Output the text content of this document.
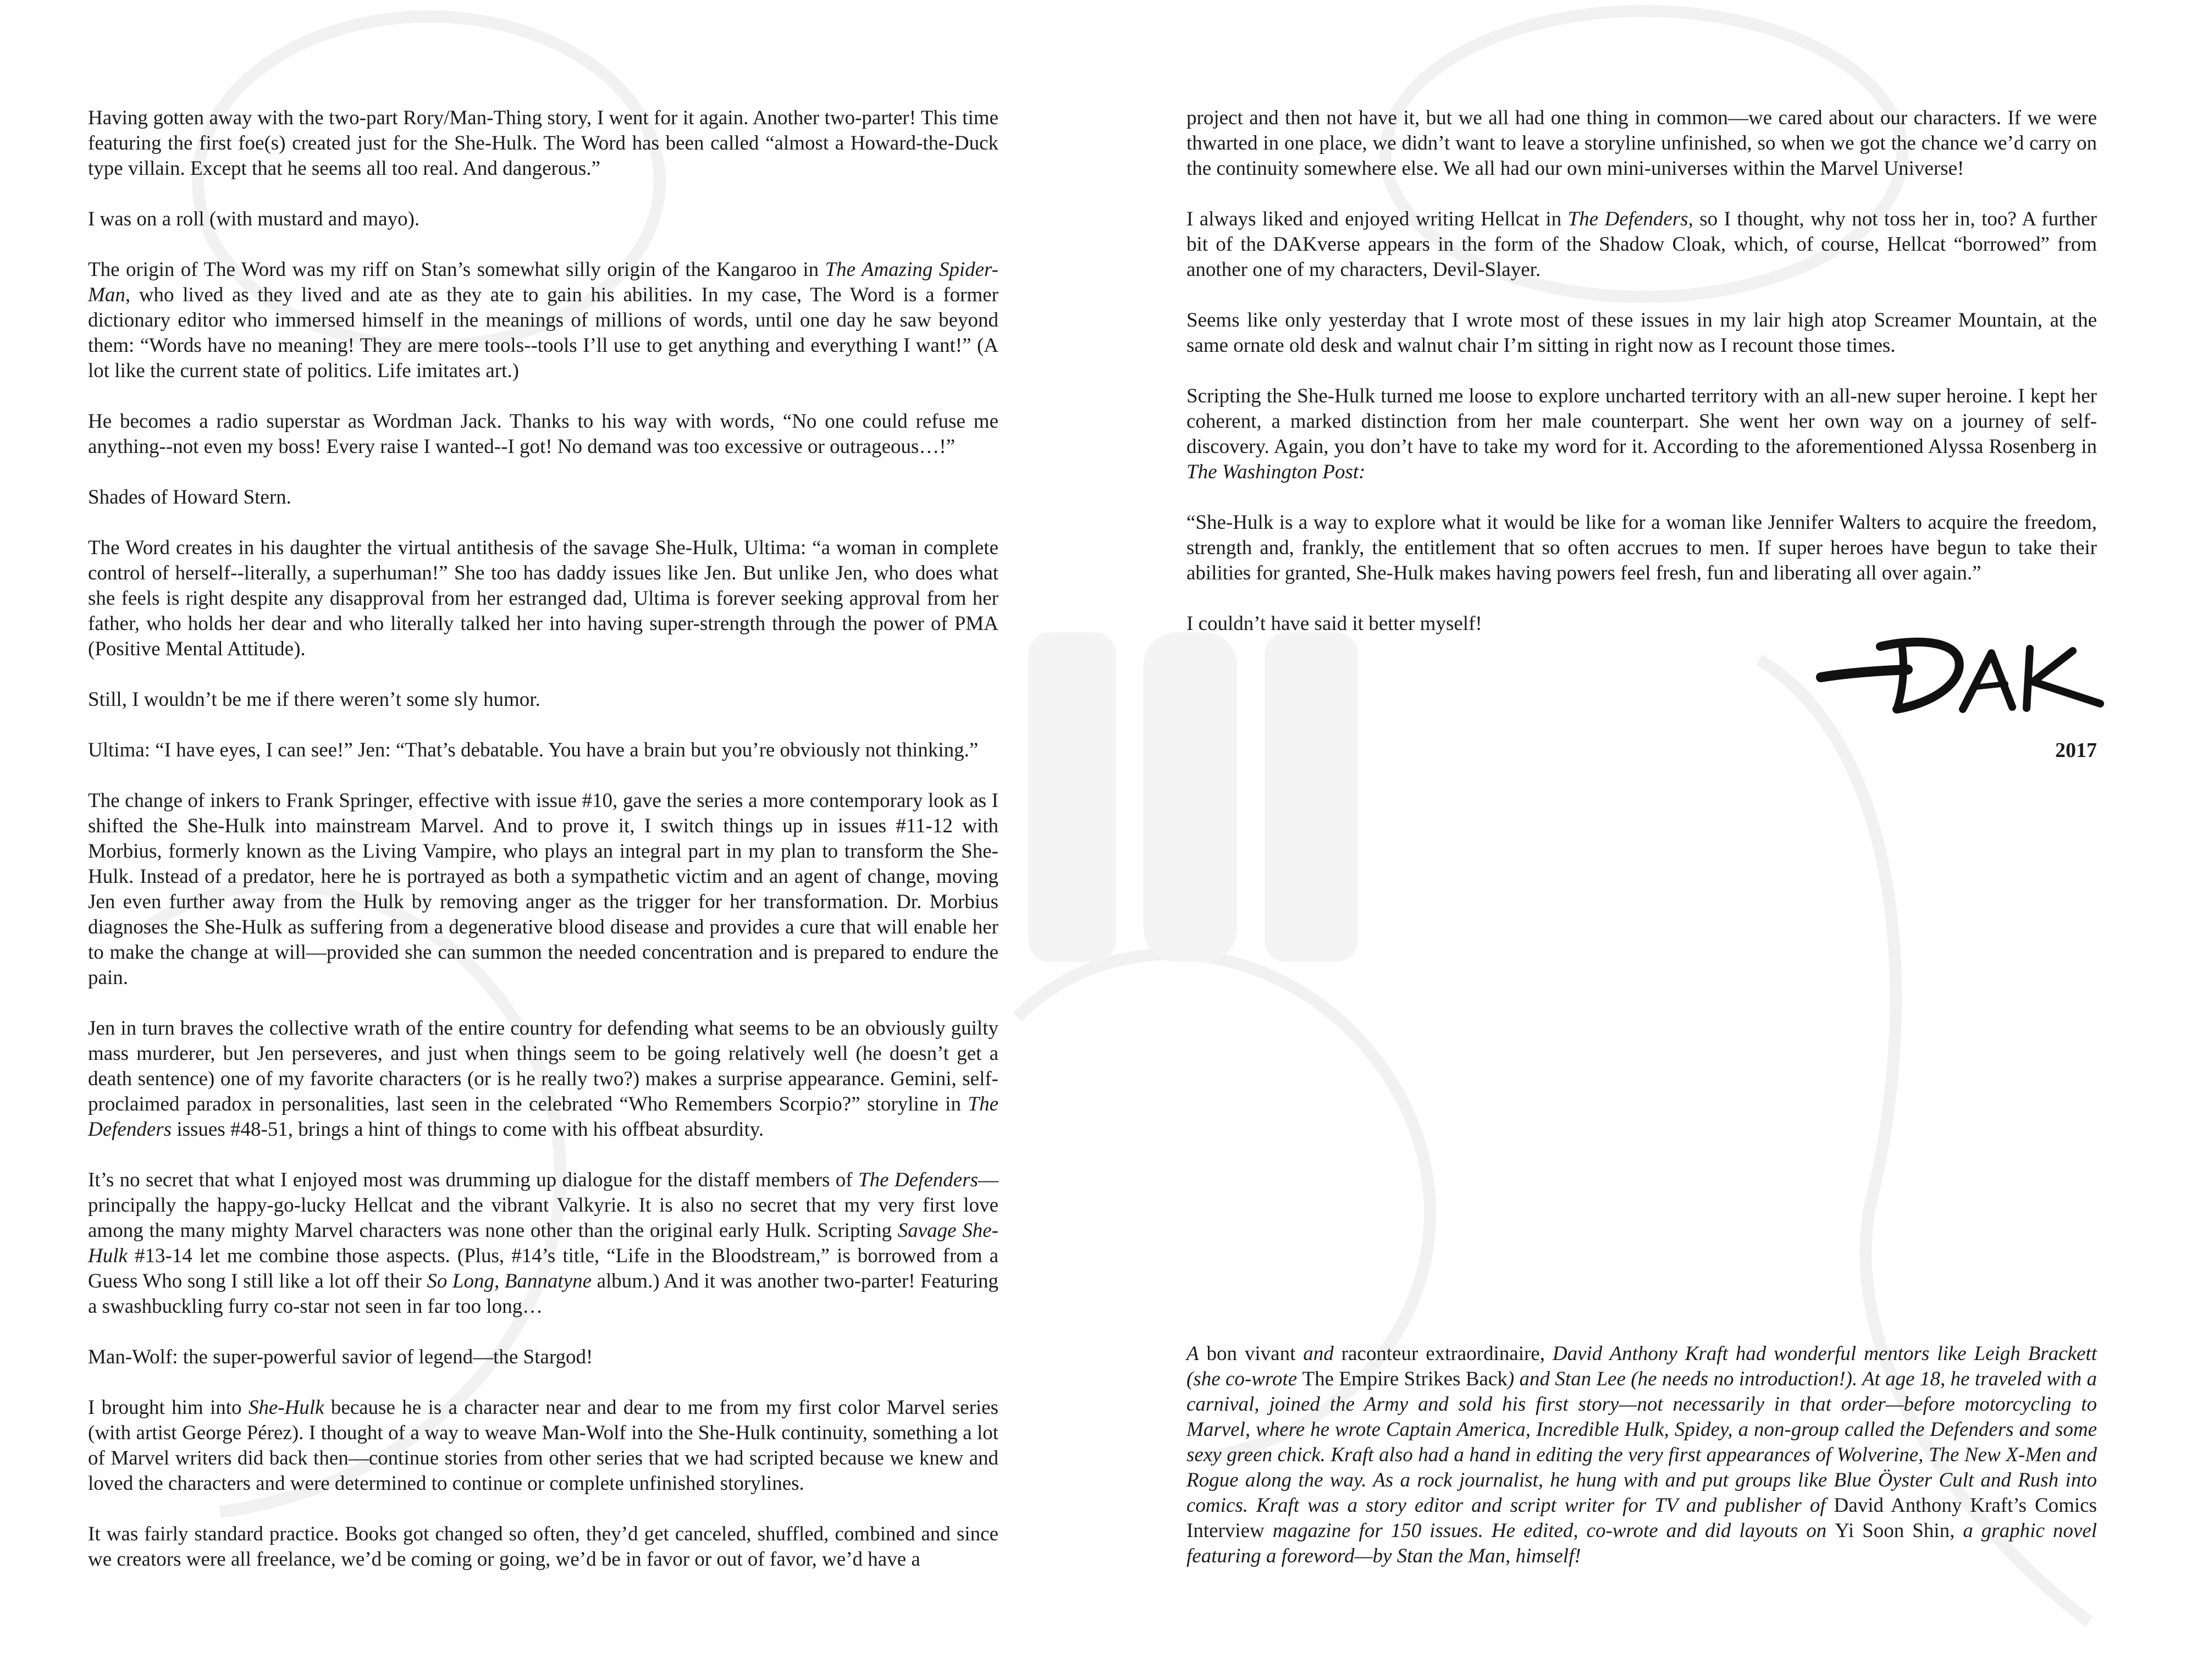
Having gotten away with the two-part Rory/Man-Thing story, I went for it again. Another two-parter! This time featuring the first foe(s) created just for the She-Hulk. The Word has been called “almost a Howard-the-Duck type villain. Except that he seems all too real. And dangerous.”

I was on a roll (with mustard and mayo).

The origin of The Word was my riff on Stan’s somewhat silly origin of the Kangaroo in The Amazing Spider-Man, who lived as they lived and ate as they ate to gain his abilities. In my case, The Word is a former dictionary editor who immersed himself in the meanings of millions of words, until one day he saw beyond them: “Words have no meaning! They are mere tools--tools I’ll use to get anything and everything I want!” (A lot like the current state of politics. Life imitates art.)

He becomes a radio superstar as Wordman Jack. Thanks to his way with words, “No one could refuse me anything--not even my boss! Every raise I wanted--I got! No demand was too excessive or outrageous…!”

Shades of Howard Stern.

The Word creates in his daughter the virtual antithesis of the savage She-Hulk, Ultima: “a woman in complete control of herself--literally, a superhuman!” She too has daddy issues like Jen. But unlike Jen, who does what she feels is right despite any disapproval from her estranged dad, Ultima is forever seeking approval from her father, who holds her dear and who literally talked her into having super-strength through the power of PMA (Positive Mental Attitude).

Still, I wouldn’t be me if there weren’t some sly humor.

Ultima: “I have eyes, I can see!” Jen: “That’s debatable. You have a brain but you’re obviously not thinking.”

The change of inkers to Frank Springer, effective with issue #10, gave the series a more contemporary look as I shifted the She-Hulk into mainstream Marvel. And to prove it, I switch things up in issues #11-12 with Morbius, formerly known as the Living Vampire, who plays an integral part in my plan to transform the She-Hulk. Instead of a predator, here he is portrayed as both a sympathetic victim and an agent of change, moving Jen even further away from the Hulk by removing anger as the trigger for her transformation. Dr. Morbius diagnoses the She-Hulk as suffering from a degenerative blood disease and provides a cure that will enable her to make the change at will—provided she can summon the needed concentration and is prepared to endure the pain.

Jen in turn braves the collective wrath of the entire country for defending what seems to be an obviously guilty mass murderer, but Jen perseveres, and just when things seem to be going relatively well (he doesn’t get a death sentence) one of my favorite characters (or is he really two?) makes a surprise appearance. Gemini, self-proclaimed paradox in personalities, last seen in the celebrated “Who Remembers Scorpio?” storyline in The Defenders issues #48-51, brings a hint of things to come with his offbeat absurdity.

It’s no secret that what I enjoyed most was drumming up dialogue for the distaff members of The Defenders—principally the happy-go-lucky Hellcat and the vibrant Valkyrie. It is also no secret that my very first love among the many mighty Marvel characters was none other than the original early Hulk. Scripting Savage She-Hulk #13-14 let me combine those aspects. (Plus, #14’s title, “Life in the Bloodstream,” is borrowed from a Guess Who song I still like a lot off their So Long, Bannatyne album.) And it was another two-parter! Featuring a swashbuckling furry co-star not seen in far too long…

Man-Wolf: the super-powerful savior of legend—the Stargod!

I brought him into She-Hulk because he is a character near and dear to me from my first color Marvel series (with artist George Pérez). I thought of a way to weave Man-Wolf into the She-Hulk continuity, something a lot of Marvel writers did back then—continue stories from other series that we had scripted because we knew and loved the characters and were determined to continue or complete unfinished storylines.

It was fairly standard practice. Books got changed so often, they’d get canceled, shuffled, combined and since we creators were all freelance, we’d be coming or going, we’d be in favor or out of favor, we’d have a

project and then not have it, but we all had one thing in common—we cared about our characters. If we were thwarted in one place, we didn’t want to leave a storyline unfinished, so when we got the chance we’d carry on the continuity somewhere else. We all had our own mini-universes within the Marvel Universe!

I always liked and enjoyed writing Hellcat in The Defenders, so I thought, why not toss her in, too? A further bit of the DAKverse appears in the form of the Shadow Cloak, which, of course, Hellcat “borrowed” from another one of my characters, Devil-Slayer.

Seems like only yesterday that I wrote most of these issues in my lair high atop Screamer Mountain, at the same ornate old desk and walnut chair I’m sitting in right now as I recount those times.

Scripting the She-Hulk turned me loose to explore uncharted territory with an all-new super heroine. I kept her coherent, a marked distinction from her male counterpart. She went her own way on a journey of self-discovery. Again, you don’t have to take my word for it. According to the aforementioned Alyssa Rosenberg in The Washington Post:

“She-Hulk is a way to explore what it would be like for a woman like Jennifer Walters to acquire the freedom, strength and, frankly, the entitlement that so often accrues to men. If super heroes have begun to take their abilities for granted, She-Hulk makes having powers feel fresh, fun and liberating all over again.”

I couldn’t have said it better myself!

2017
A bon vivant and raconteur extraordinaire, David Anthony Kraft had wonderful mentors like Leigh Brackett (she co-wrote The Empire Strikes Back) and Stan Lee (he needs no introduction!). At age 18, he traveled with a carnival, joined the Army and sold his first story—not necessarily in that order—before motorcycling to Marvel, where he wrote Captain America, Incredible Hulk, Spidey, a non-group called the Defenders and some sexy green chick. Kraft also had a hand in editing the very first appearances of Wolverine, The New X-Men and Rogue along the way. As a rock journalist, he hung with and put groups like Blue Öyster Cult and Rush into comics. Kraft was a story editor and script writer for TV and publisher of David Anthony Kraft’s Comics Interview magazine for 150 issues. He edited, co-wrote and did layouts on Yi Soon Shin, a graphic novel featuring a foreword—by Stan the Man, himself!
